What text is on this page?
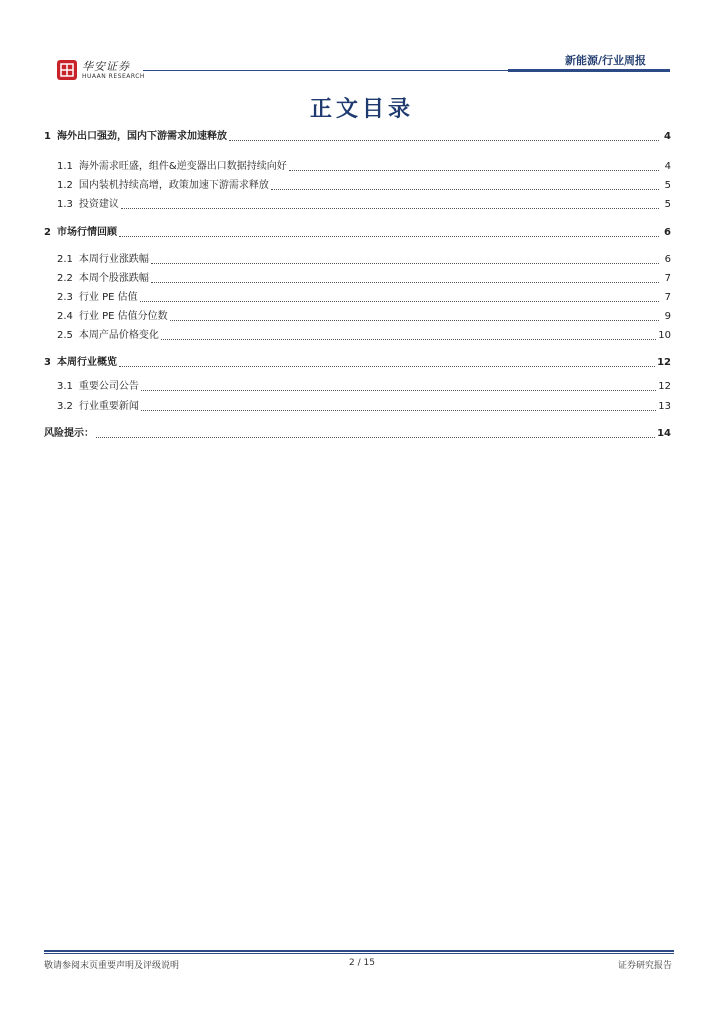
华安证券
HUAAN RESEARCH
新能源/行业周报
正文目录
1 海外出口强劲，国内下游需求加速释放	4
1.1 海外需求旺盛，组件&逆变器出口数据持续向好	4
1.2 国内装机持续高增，政策加速下游需求释放	5
1.3 投资建议	5
2 市场行情回顾	6
2.1 本周行业涨跌幅	6
2.2 本周个股涨跌幅	7
2.3 行业 PE 估值	7
2.4 行业 PE 估值分位数	9
2.5 本周产品价格变化	10
3 本周行业概览	12
3.1 重要公司公告	12
3.2 行业重要新闻	13
风险提示：	14
敬请参阅末页重要声明及评级说明	2 / 15	证券研究报告
